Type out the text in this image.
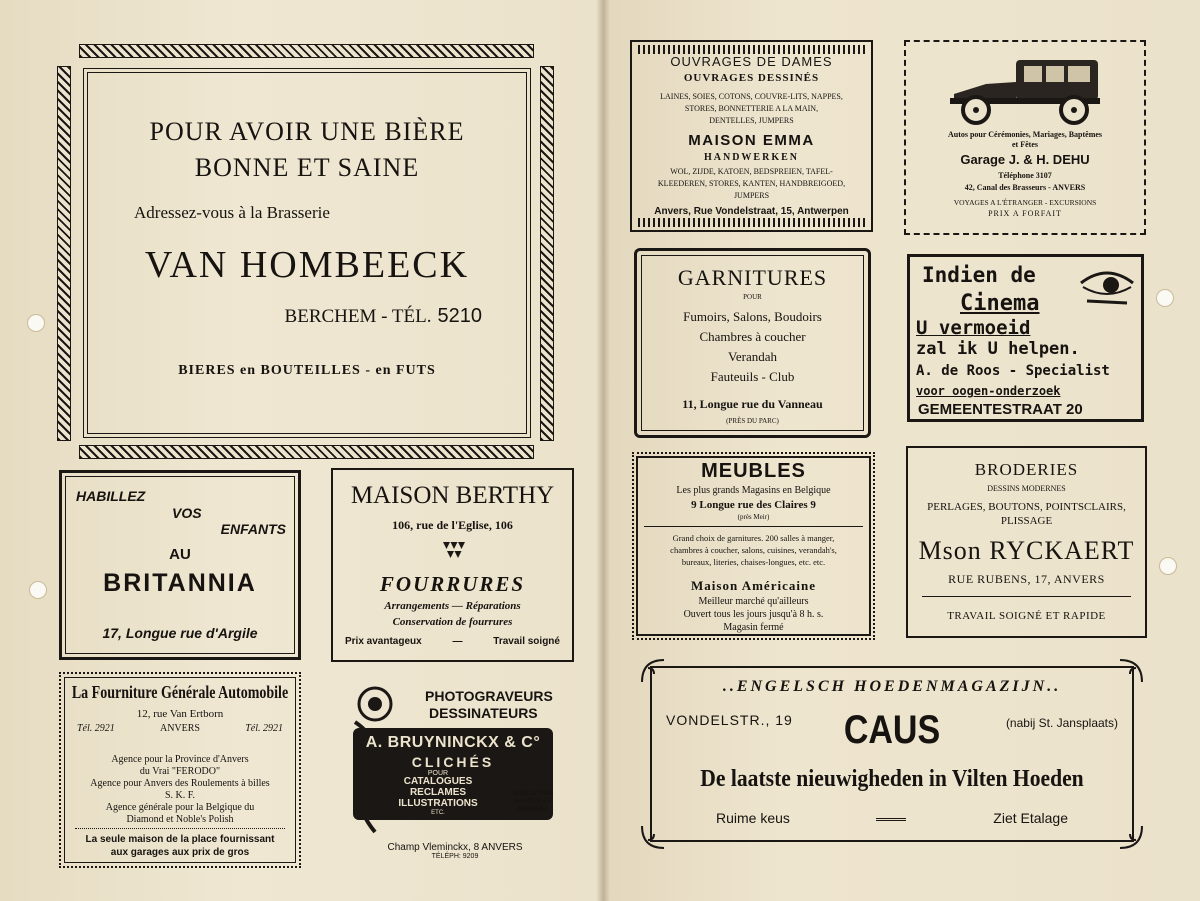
POUR AVOIR UNE BIÈRE
BONNE ET SAINE
Adressez-vous à la Brasserie
VAN HOMBEECK
BERCHEM - TÉL. 5210
BIERES en BOUTEILLES - en FUTS
HABILLEZ
VOS
ENFANTS
AU
BRITANNIA
17, Longue rue d'Argile
MAISON BERTHY
106, rue de l'Eglise, 106
FOURRURES
Arrangements — Réparations
Conservation de fourrures
Prix avantageux	—	Travail soigné
La Fourniture Générale Automobile
12, rue Van Ertborn
Tél. 2921	ANVERS	Tél. 2921
Agence pour la Province d'Anvers
du Vrai "FERODO"
Agence pour Anvers des Roulements à billes
S. K. F.
Agence générale pour la Belgique du
Diamond et Noble's Polish
La seule maison de la place fournissant
aux garages aux prix de gros
PHOTOGRAVEURS
DESSINATEURS
A. BRUYNINCKX & C°
CLICHÉS
POUR
CATALOGUES
RECLAMES
ILLUSTRATIONS
ETC.
EXÉCUTION RAPIDE ET SOIGNÉE
Champ Vleminckx, 8 ANVERS
TÉLÉPH: 9209
OUVRAGES DE DAMES
OUVRAGES DESSINÉS
LAINES, SOIES, COTONS, COUVRE-LITS, NAPPES,
STORES, BONNETTERIE A LA MAIN,
DENTELLES, JUMPERS
MAISON EMMA
HANDWERKEN
WOL, ZIJDE, KATOEN, BEDSPREIEN, TAFEL-
KLEEDEREN, STORES, KANTEN, HANDBREIGOED,
JUMPERS
Anvers, Rue Vondelstraat, 15, Antwerpen
Autos pour Cérémonies, Mariages, Baptêmes
et Fêtes
Garage J. & H. DEHU
Téléphone 3107
42, Canal des Brasseurs - ANVERS
VOYAGES A L'ÉTRANGER - EXCURSIONS
PRIX A FORFAIT
GARNITURES
POUR
Fumoirs, Salons, Boudoirs
Chambres à coucher
Verandah
Fauteuils - Club
11, Longue rue du Vanneau
(PRÈS DU PARC)
Indien de
Cinema
U vermoeid
zal ik U helpen.
A. de Roos - Specialist
voor oogen-onderzoek
GEMEENTESTRAAT 20
MEUBLES
Les plus grands Magasins en Belgique
9 Longue rue des Claires 9
(près Meir)
Grand choix de garnitures. 200 salles à manger,
chambres à coucher, salons, cuisines, verandah's,
bureaux, literies, chaises-longues, etc. etc.
Maison Américaine
Meilleur marché qu'ailleurs
Ouvert tous les jours jusqu'à 8 h. s.
Magasin fermé
BRODERIES
DESSINS MODERNES
PERLAGES, BOUTONS, POINTSCLAIRS,
PLISSAGE
Mson RYCKAERT
RUE RUBENS, 17, ANVERS
TRAVAIL SOIGNÉ ET RAPIDE
..ENGELSCH HOEDENMAGAZIJN..
VONDELSTR., 19	CAUS	(nabij St. Jansplaats)
De laatste nieuwigheden in Vilten Hoeden
Ruime keus	Ziet Etalage
